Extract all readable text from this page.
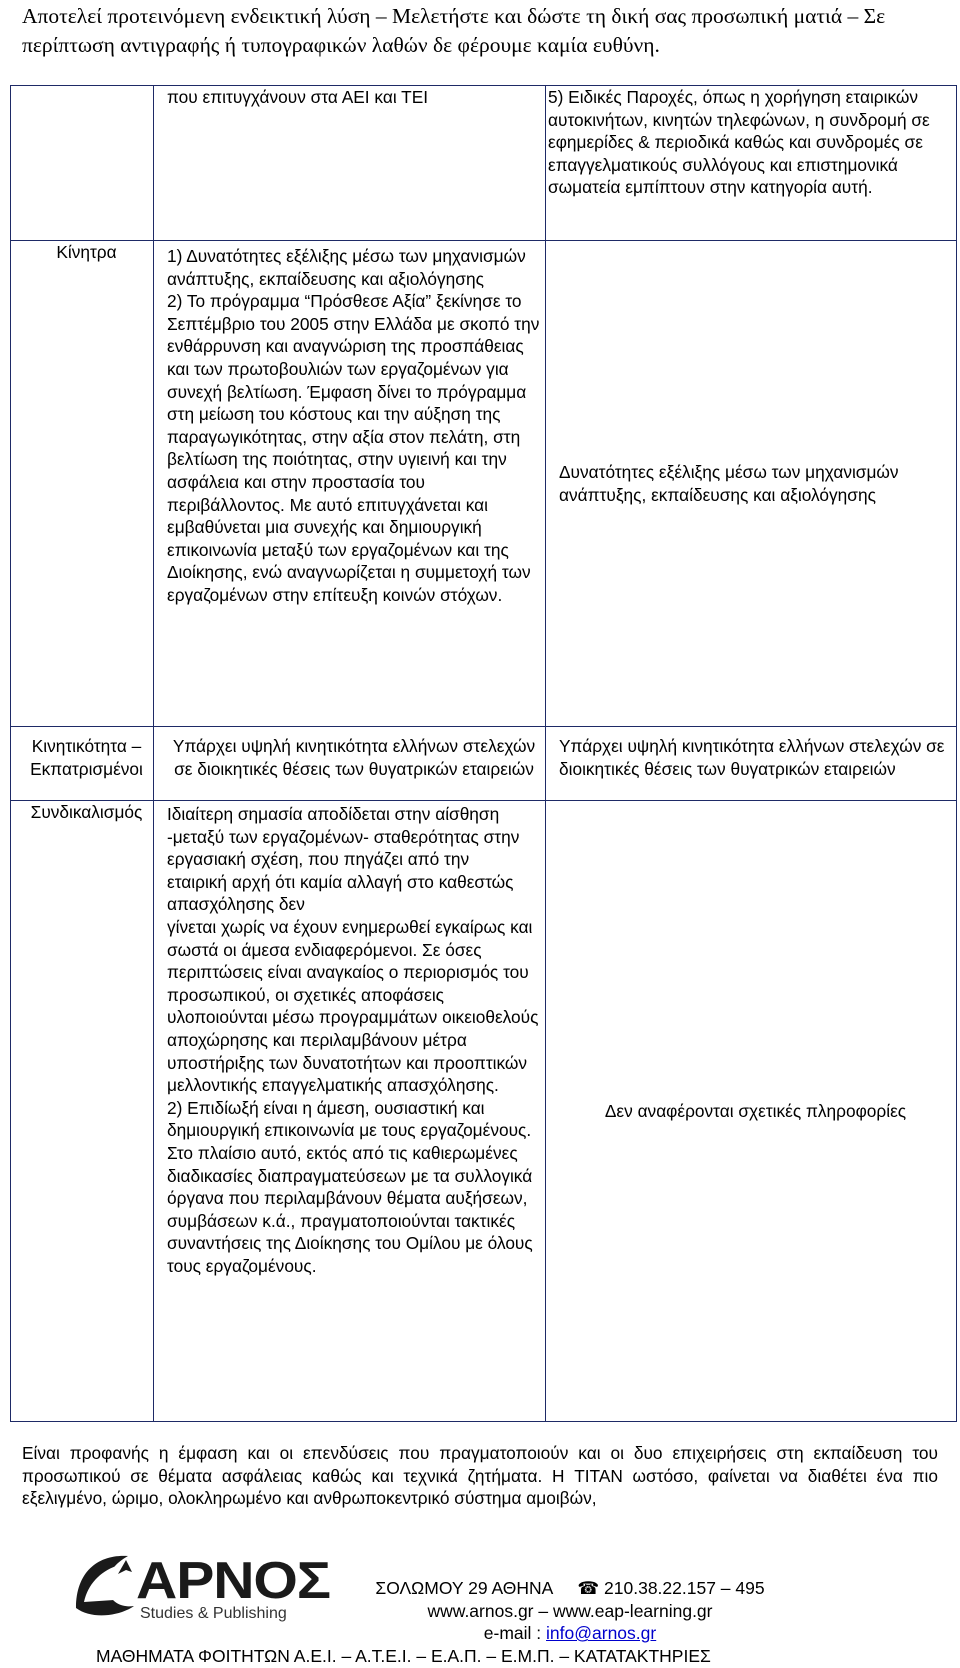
Αποτελεί προτεινόμενη ενδεικτική λύση – Μελετήστε και δώστε τη δική σας προσωπική ματιά – Σε περίπτωση αντιγραφής ή τυπογραφικών λαθών δε φέρουμε καμία ευθύνη.

	που επιτυγχάνουν στα ΑΕΙ και ΤΕΙ	5) Ειδικές Παροχές, όπως η χορήγηση εταιρικών αυτοκινήτων, κινητών τηλεφώνων, η συνδρομή σε εφημερίδες & περιοδικά καθώς και συνδρομές σε επαγγελματικούς συλλόγους και επιστημονικά σωματεία εμπίπτουν στην κατηγορία αυτή.

Κίνητρα	1) Δυνατότητες εξέλιξης μέσω των μηχανισμών ανάπτυξης, εκπαίδευσης και αξιολόγησης
2) Το πρόγραμμα “Πρόσθεσε Αξία” ξεκίνησε το Σεπτέμβριο του 2005 στην Ελλάδα με σκοπό την ενθάρρυνση και αναγνώριση της προσπάθειας και των πρωτοβουλιών των εργαζομένων για συνεχή βελτίωση. Έμφαση δίνει το πρόγραμμα στη μείωση του κόστους και την αύξηση της παραγωγικότητας, στην αξία στον πελάτη, στη βελτίωση της ποιότητας, στην υγιεινή και την ασφάλεια και στην προστασία του περιβάλλοντος. Με αυτό επιτυγχάνεται και εμβαθύνεται μια συνεχής και δημιουργική επικοινωνία μεταξύ των εργαζομένων και της Διοίκησης, ενώ αναγνωρίζεται η συμμετοχή των εργαζομένων στην επίτευξη κοινών στόχων.	Δυνατότητες εξέλιξης μέσω των μηχανισμών ανάπτυξης, εκπαίδευσης και αξιολόγησης

Κινητικότητα – Εκπατρισμένοι	Υπάρχει υψηλή κινητικότητα ελλήνων στελεχών σε διοικητικές θέσεις των θυγατρικών εταιρειών	Υπάρχει υψηλή κινητικότητα ελλήνων στελεχών σε διοικητικές θέσεις των θυγατρικών εταιρειών

Συνδικαλισμός	Ιδιαίτερη σημασία αποδίδεται στην αίσθηση -μεταξύ των εργαζομένων- σταθερότητας στην εργασιακή σχέση, που πηγάζει από την
εταιρική αρχή ότι καμία αλλαγή στο καθεστώς απασχόλησης δεν
γίνεται χωρίς να έχουν ενημερωθεί εγκαίρως και σωστά οι άμεσα ενδιαφερόμενοι. Σε όσες περιπτώσεις είναι αναγκαίος ο περιορισμός του προσωπικού, οι σχετικές αποφάσεις υλοποιούνται μέσω προγραμμάτων οικειοθελούς αποχώρησης και περιλαμβάνουν μέτρα υποστήριξης των δυνατοτήτων και προοπτικών μελλοντικής επαγγελματικής απασχόλησης.
2) Επιδίωξή είναι η άμεση, ουσιαστική και δημιουργική επικοινωνία με τους εργαζομένους. Στο πλαίσιο αυτό, εκτός από τις καθιερωμένες διαδικασίες διαπραγματεύσεων με τα συλλογικά όργανα που περιλαμβάνουν θέματα αυξήσεων, συμβάσεων κ.ά., πραγματοποιούνται τακτικές συναντήσεις της Διοίκησης του Ομίλου με όλους τους εργαζομένους.	Δεν αναφέρονται σχετικές πληροφορίες
Είναι προφανής η έμφαση και οι επενδύσεις που πραγματοποιούν και οι δυο επιχειρήσεις στη εκπαίδευση του προσωπικού σε θέματα ασφάλειας καθώς και τεχνικά ζητήματα. Η TITAN ωστόσο, φαίνεται να διαθέτει ένα πιο εξελιγμένο, ώριμο, ολοκληρωμένο και ανθρωποκεντρικό σύστημα αμοιβών,
ΑΡΝΟΣ
Studies & Publishing
ΣΟΛΩΜΟΥ 29 ΑΘΗΝΑ ☎ 210.38.22.157 – 495
www.arnos.gr – www.eap-learning.gr
e-mail : info@arnos.gr
ΜΑΘΗΜΑΤΑ ΦΟΙΤΗΤΩΝ Α.Ε.Ι. – Α.Τ.Ε.Ι. – Ε.Α.Π. – Ε.Μ.Π. – ΚΑΤΑΤΑΚΤΗΡΙΕΣ
